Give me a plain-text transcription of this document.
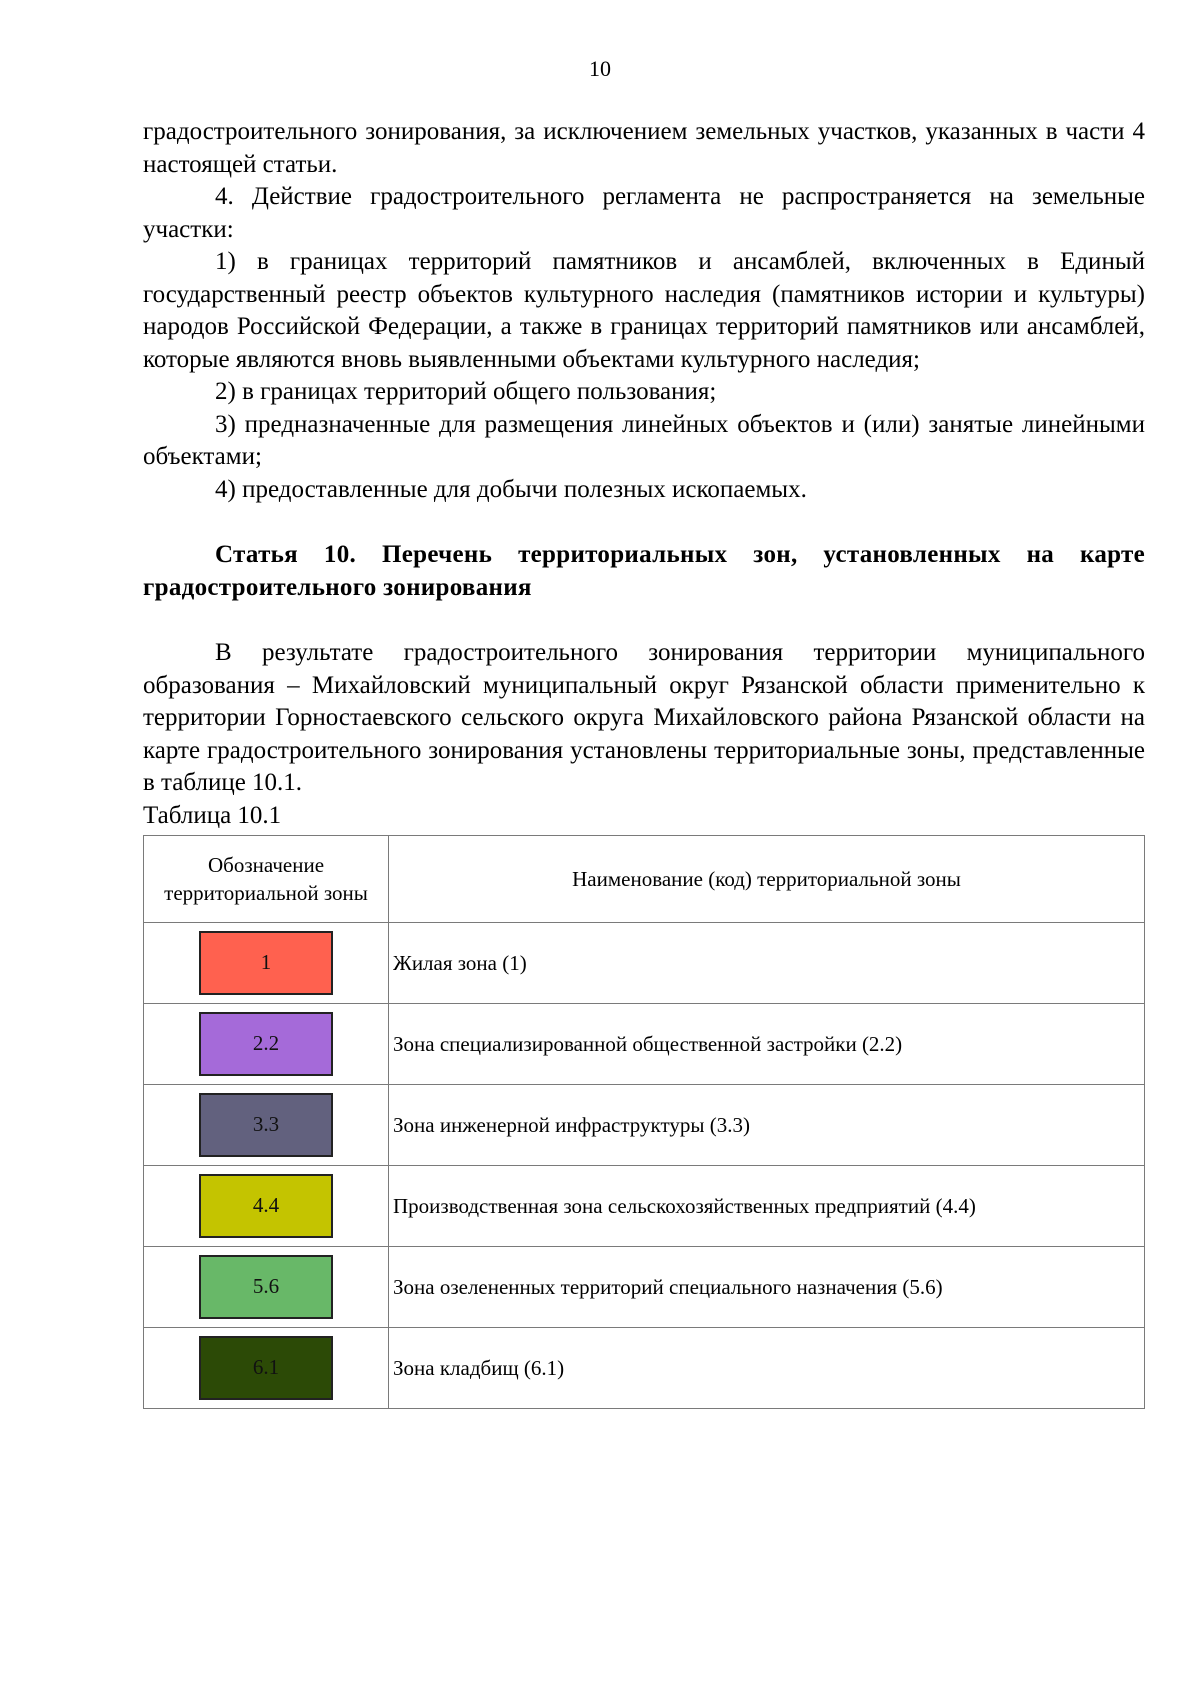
10

градостроительного зонирования, за исключением земельных участков, указанных в части 4 настоящей статьи.

4. Действие градостроительного регламента не распространяется на земельные участки:

1) в границах территорий памятников и ансамблей, включенных в Единый государственный реестр объектов культурного наследия (памятников истории и культуры) народов Российской Федерации, а также в границах территорий памятников или ансамблей, которые являются вновь выявленными объектами культурного наследия;

2) в границах территорий общего пользования;

3) предназначенные для размещения линейных объектов и (или) занятые линейными объектами;

4) предоставленные для добычи полезных ископаемых.

Статья 10. Перечень территориальных зон, установленных на карте градостроительного зонирования

В результате градостроительного зонирования территории муниципального образования – Михайловский муниципальный округ Рязанской области применительно к территории Горностаевского сельского округа Михайловского района Рязанской области на карте градостроительного зонирования установлены территориальные зоны, представленные в таблице 10.1.

Таблица 10.1

Обозначение территориальной зоны	Наименование (код) территориальной зоны
1	Жилая зона (1)
2.2	Зона специализированной общественной застройки (2.2)
3.3	Зона инженерной инфраструктуры (3.3)
4.4	Производственная зона сельскохозяйственных предприятий (4.4)
5.6	Зона озелененных территорий специального назначения (5.6)
6.1	Зона кладбищ (6.1)
